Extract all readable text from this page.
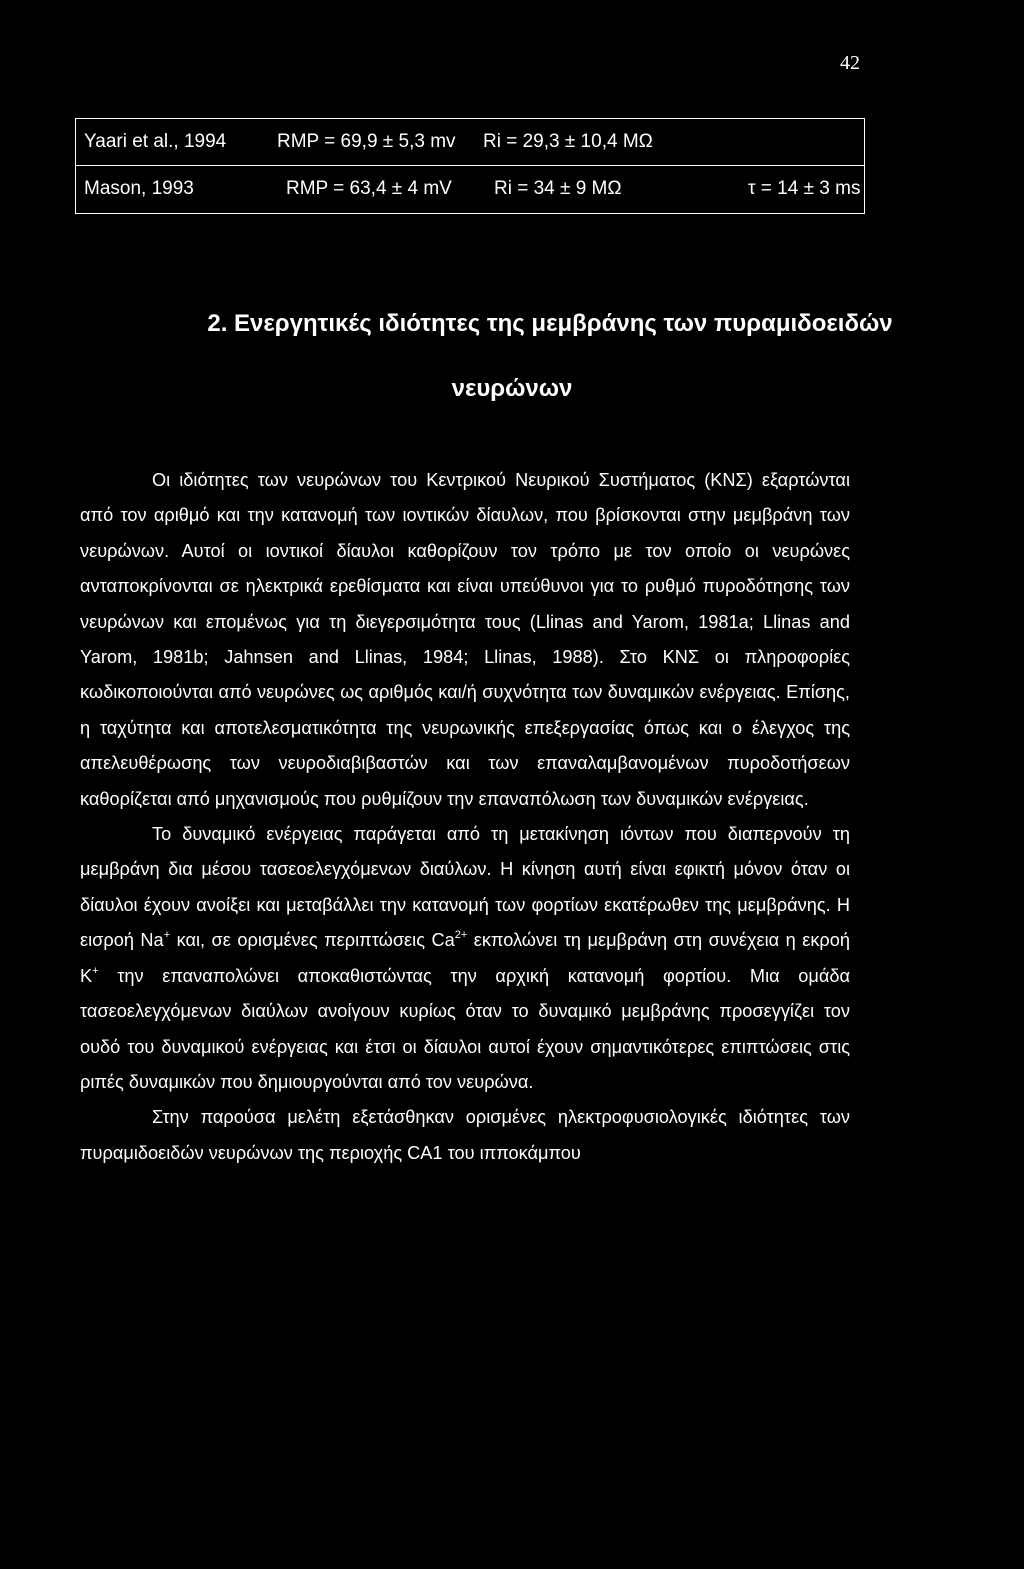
42
Yaari et al., 1994	RMP = 69,9 ± 5,3 mv Ri = 29,3 ± 10,4 MΩ
Mason, 1993	RMP = 63,4 ± 4 mV Ri = 34 ± 9 MΩ	τ = 14 ± 3 ms
2. Ενεργητικές ιδιότητες της μεμβράνης των πυραμιδοειδών
νευρώνων

Οι ιδιότητες των νευρώνων του Κεντρικού Νευρικού Συστήματος (ΚΝΣ) εξαρτώνται από τον αριθμό και την κατανομή των ιοντικών δίαυλων, που βρίσκονται στην μεμβράνη των νευρώνων. Αυτοί οι ιοντικοί δίαυλοι καθορίζουν τον τρόπο με τον οποίο οι νευρώνες ανταποκρίνονται σε ηλεκτρικά ερεθίσματα και είναι υπεύθυνοι για το ρυθμό πυροδότησης των νευρώνων και επομένως για τη διεγερσιμότητα τους (Llinas and Yarom, 1981a; Llinas and Yarom, 1981b; Jahnsen and Llinas, 1984; Llinas, 1988). Στο ΚΝΣ οι πληροφορίες κωδικοποιούνται από νευρώνες ως αριθμός και/ή συχνότητα των δυναμικών ενέργειας. Επίσης, η ταχύτητα και αποτελεσματικότητα της νευρωνικής επεξεργασίας όπως και ο έλεγχος της απελευθέρωσης των νευροδιαβιβαστών και των επαναλαμβανομένων πυροδοτήσεων καθορίζεται από μηχανισμούς που ρυθμίζουν την επαναπόλωση των δυναμικών ενέργειας.

Το δυναμικό ενέργειας παράγεται από τη μετακίνηση ιόντων που διαπερνούν τη μεμβράνη δια μέσου τασεοελεγχόμενων διαύλων. Η κίνηση αυτή είναι εφικτή μόνον όταν οι δίαυλοι έχουν ανοίξει και μεταβάλλει την κατανομή των φορτίων εκατέρωθεν της μεμβράνης. Η εισροή Na+ και, σε ορισμένες περιπτώσεις $Ca^{2+}$ εκπολώνει τη μεμβράνη στη συνέχεια η εκροή Κ+ την επαναπολώνει αποκαθιστώντας την αρχική κατανομή φορτίου. Μια ομάδα τασεοελεγχόμενων διαύλων ανοίγουν κυρίως όταν το δυναμικό μεμβράνης προσεγγίζει τον ουδό του δυναμικού ενέργειας και έτσι οι δίαυλοι αυτοί έχουν σημαντικότερες επιπτώσεις στις ριπές δυναμικών που δημιουργούνται από τον νευρώνα.

Στην παρούσα μελέτη εξετάσθηκαν ορισμένες ηλεκτροφυσιολογικές ιδιότητες των πυραμιδοειδών νευρώνων της περιοχής CA1 του ιπποκάμπου
